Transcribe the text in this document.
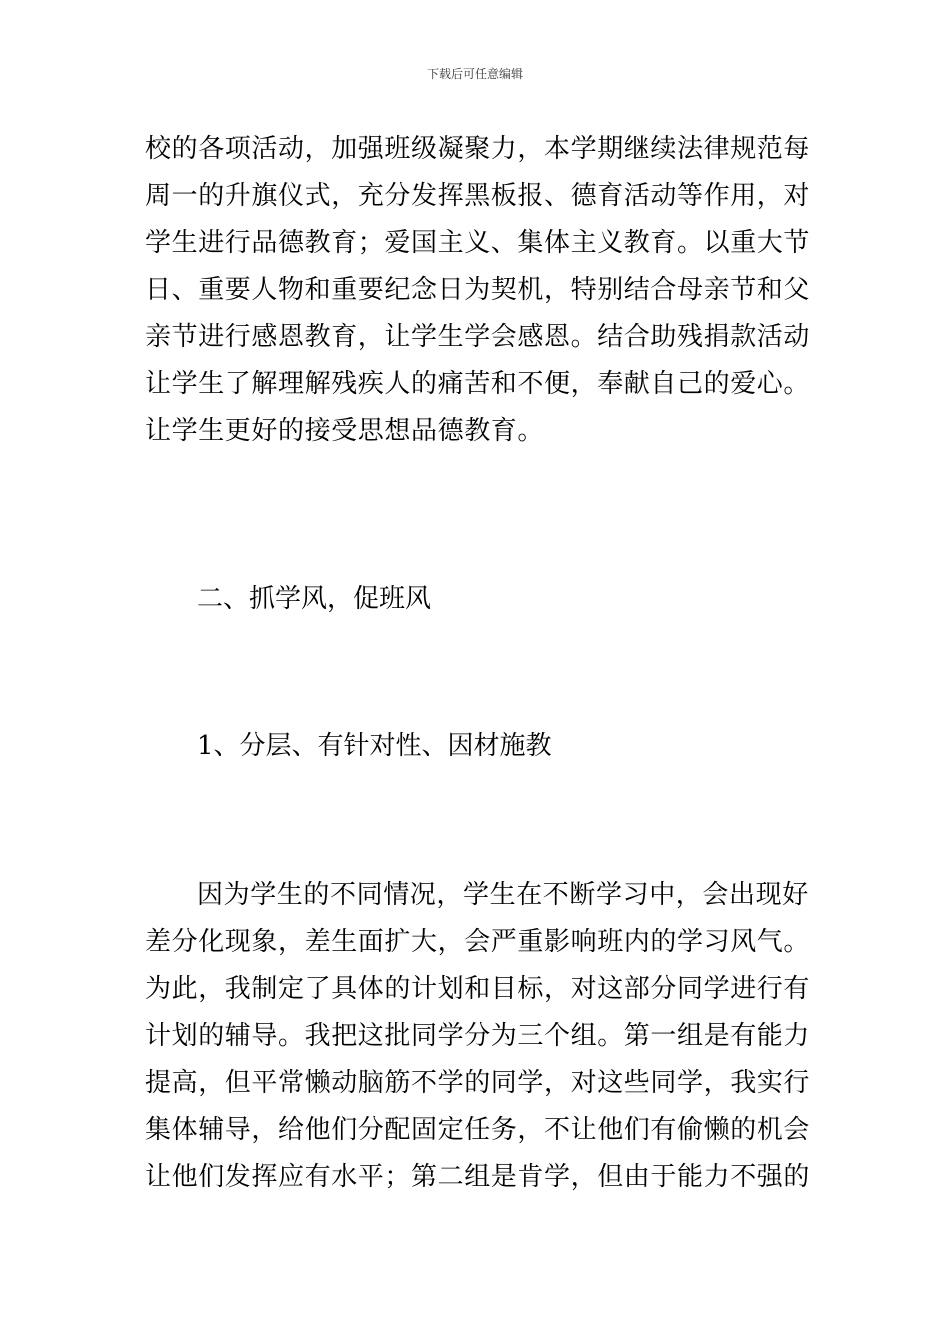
下载后可任意编辑
校的各项活动，加强班级凝聚力，本学期继续法律规范每
周一的升旗仪式，充分发挥黑板报、德育活动等作用，对
学生进行品德教育；爱国主义、集体主义教育。以重大节
日、重要人物和重要纪念日为契机，特别结合母亲节和父
亲节进行感恩教育，让学生学会感恩。结合助残捐款活动
让学生了解理解残疾人的痛苦和不便，奉献自己的爱心。
让学生更好的接受思想品德教育。
二、抓学风，促班风
1、分层、有针对性、因材施教
因为学生的不同情况，学生在不断学习中，会出现好
差分化现象，差生面扩大，会严重影响班内的学习风气。
为此，我制定了具体的计划和目标，对这部分同学进行有
计划的辅导。我把这批同学分为三个组。第一组是有能力
提高，但平常懒动脑筋不学的同学，对这些同学，我实行
集体辅导，给他们分配固定任务，不让他们有偷懒的机会
让他们发挥应有水平；第二组是肯学，但由于能力不强的
